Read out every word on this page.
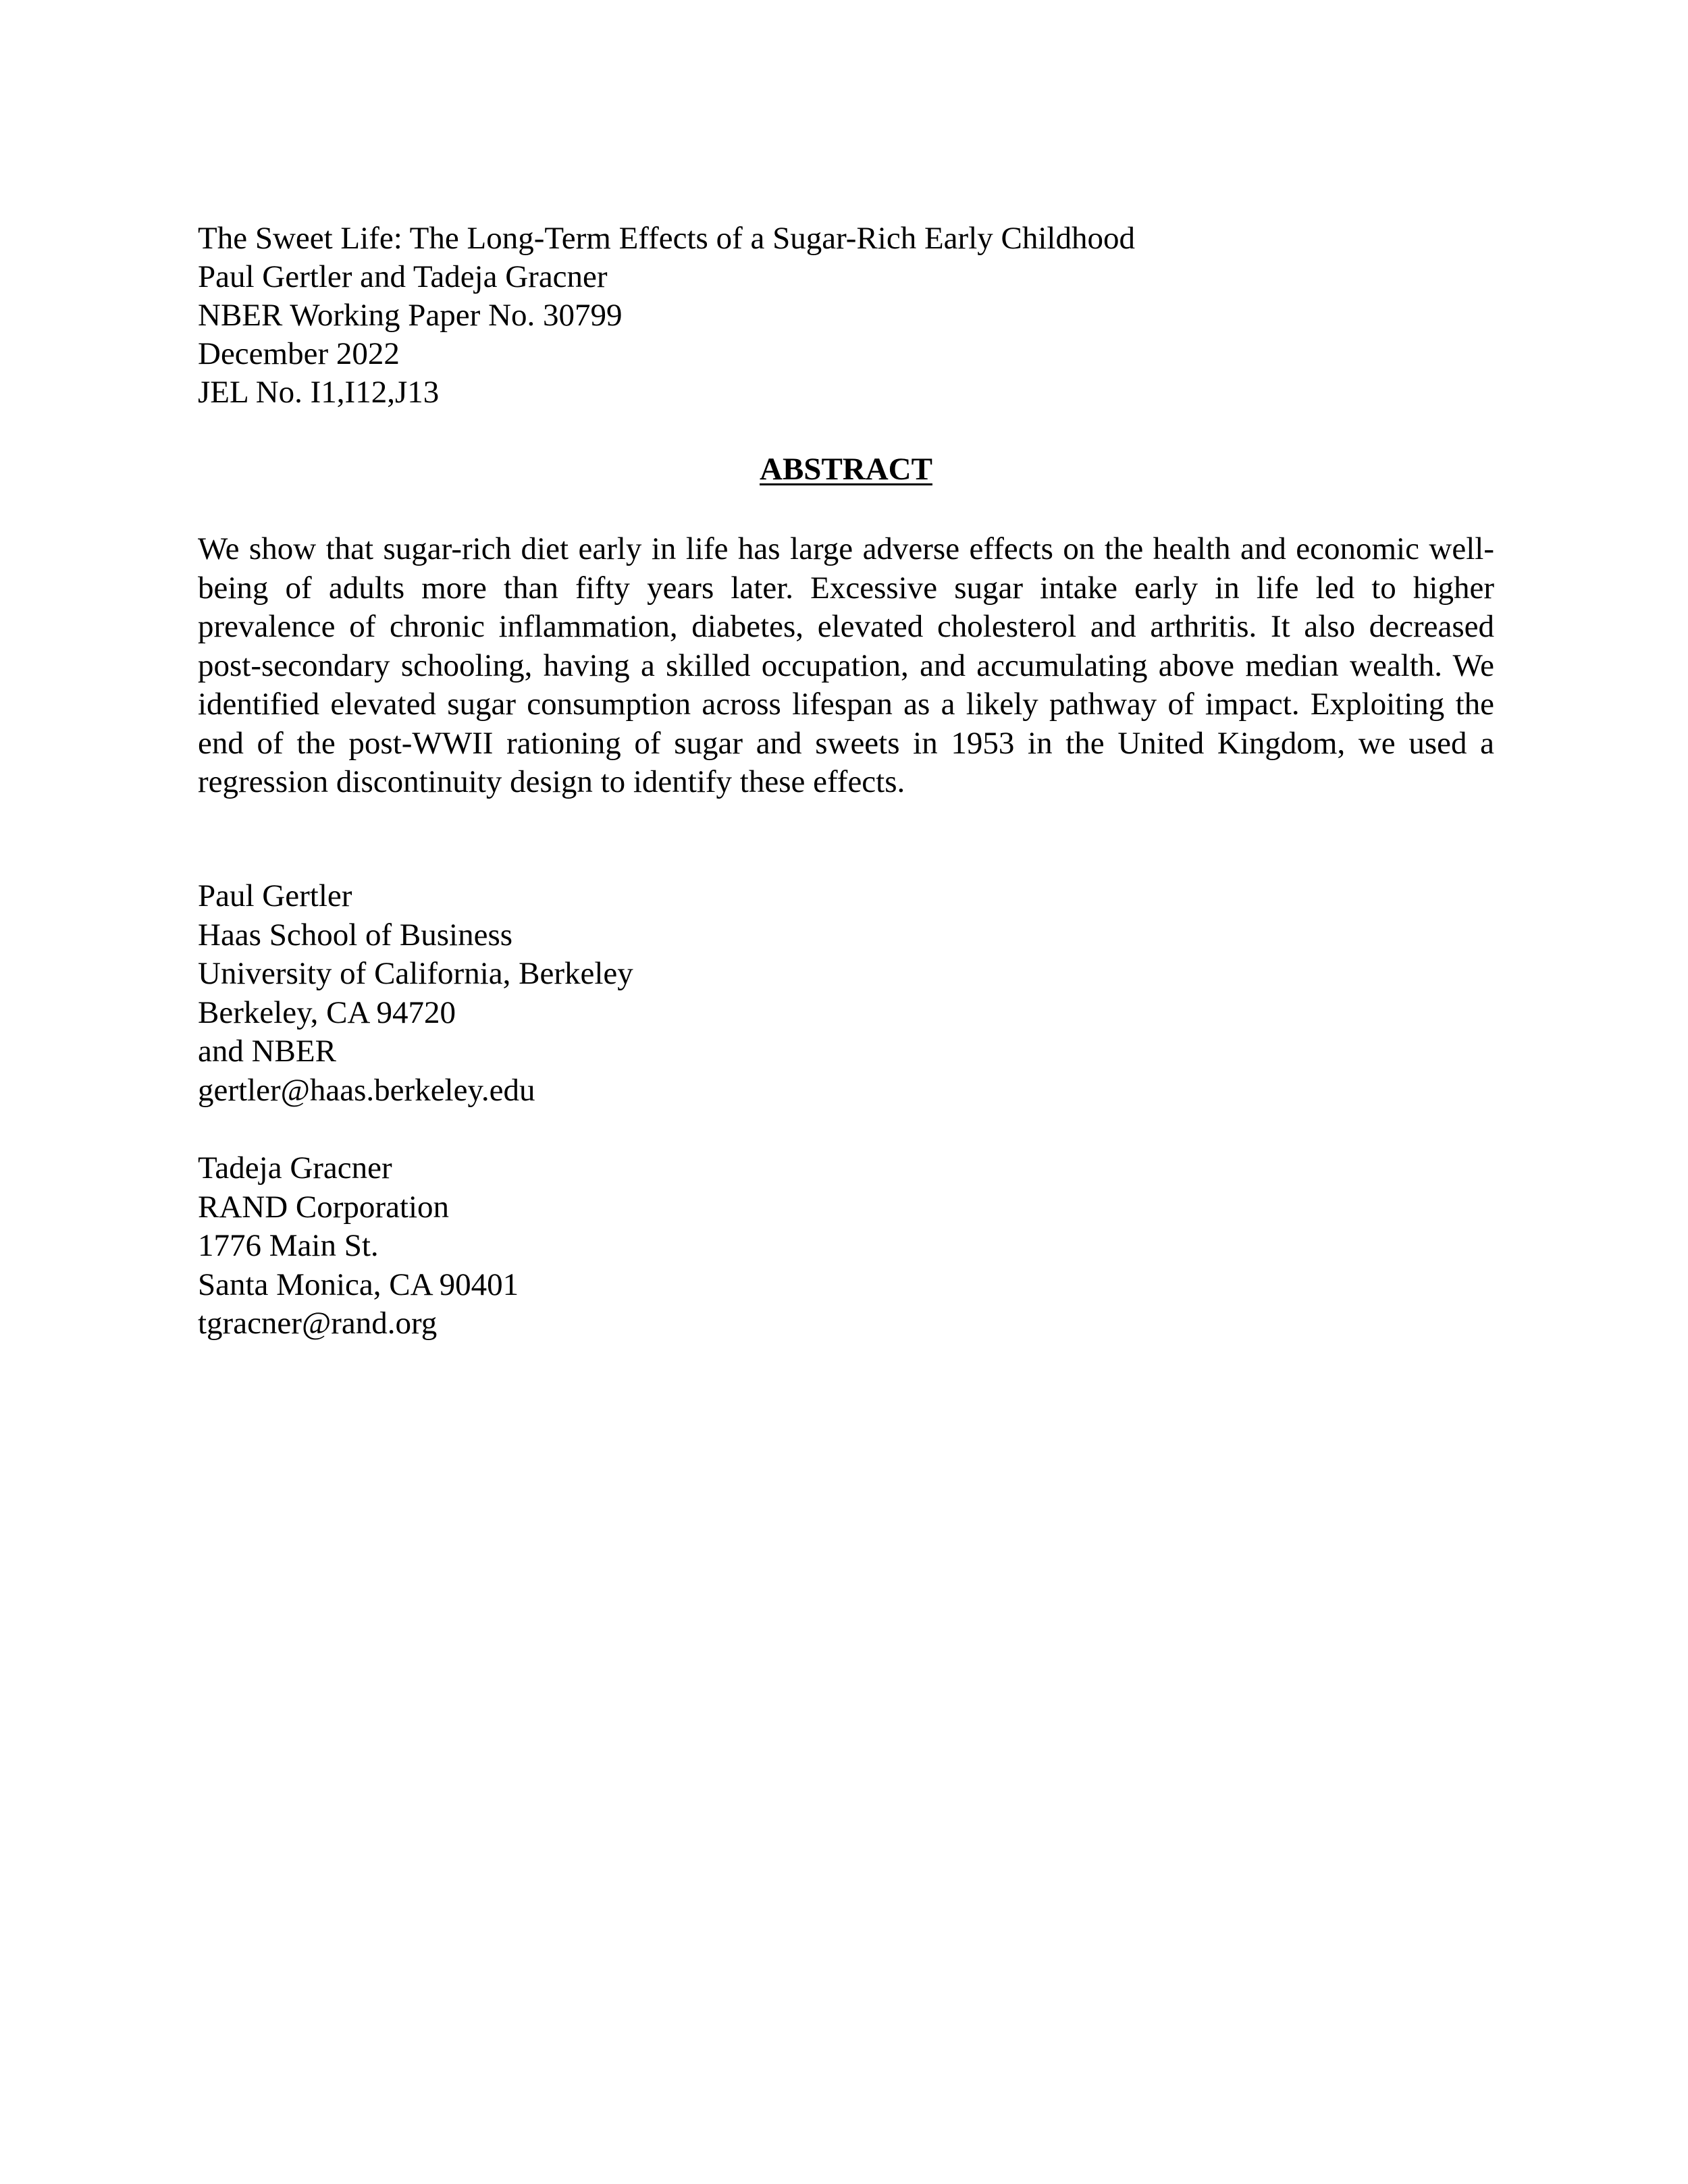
The Sweet Life: The Long-Term Effects of a Sugar-Rich Early Childhood
Paul Gertler and Tadeja Gracner
NBER Working Paper No. 30799
December 2022
JEL No. I1,I12,J13
ABSTRACT

We show that sugar-rich diet early in life has large adverse effects on the health and economic well-being of adults more than fifty years later. Excessive sugar intake early in life led to higher prevalence of chronic inflammation, diabetes, elevated cholesterol and arthritis. It also decreased post-secondary schooling, having a skilled occupation, and accumulating above median wealth. We identified elevated sugar consumption across lifespan as a likely pathway of impact. Exploiting the end of the post-WWII rationing of sugar and sweets in 1953 in the United Kingdom, we used a regression discontinuity design to identify these effects.

Paul Gertler
Haas School of Business
University of California, Berkeley
Berkeley, CA 94720
and NBER
gertler@haas.berkeley.edu
Tadeja Gracner
RAND Corporation
1776 Main St.
Santa Monica, CA 90401
tgracner@rand.org
